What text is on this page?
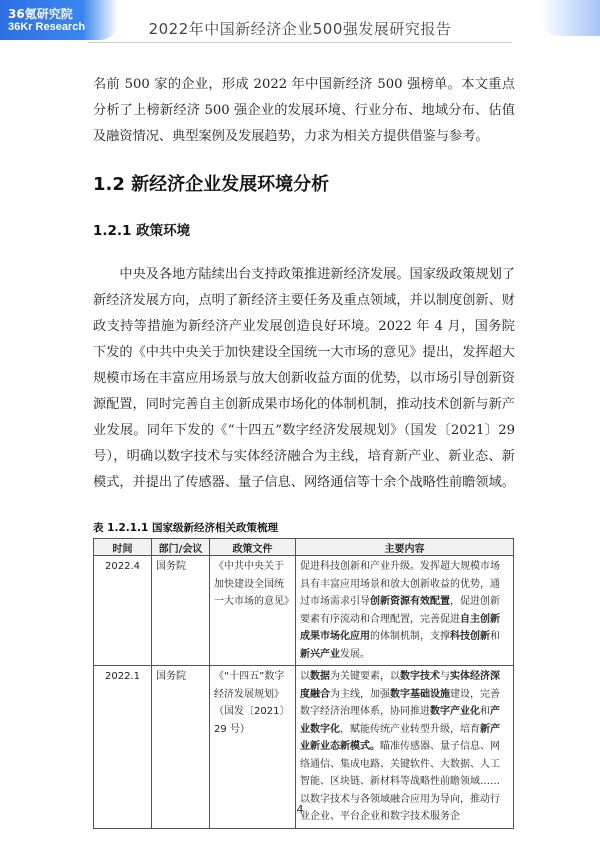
36氪研究院
36Kr Research	2022年中国新经济企业500强发展研究报告
名前 500 家的企业，形成 2022 年中国新经济 500 强榜单。本文重点分析了上榜新经济 500 强企业的发展环境、行业分布、地域分布、估值及融资情况、典型案例及发展趋势，力求为相关方提供借鉴与参考。
1.2 新经济企业发展环境分析
1.2.1 政策环境
中央及各地方陆续出台支持政策推进新经济发展。国家级政策规划了新经济发展方向，点明了新经济主要任务及重点领域，并以制度创新、财政支持等措施为新经济产业发展创造良好环境。2022 年 4 月，国务院下发的《中共中央关于加快建设全国统一大市场的意见》提出，发挥超大规模市场在丰富应用场景与放大创新收益方面的优势，以市场引导创新资源配置，同时完善自主创新成果市场化的体制机制，推动技术创新与新产业发展。同年下发的《“十四五”数字经济发展规划》（国发〔2021〕29 号），明确以数字技术与实体经济融合为主线，培育新产业、新业态、新模式，并提出了传感器、量子信息、网络通信等十余个战略性前瞻领域。
表 1.2.1.1 国家级新经济相关政策梳理
时间	部门/会议	政策文件	主要内容
2022.4	国务院	《中共中央关于加快建设全国统一大市场的意见》	促进科技创新和产业升级。发挥超大规模市场具有丰富应用场景和放大创新收益的优势，通过市场需求引导创新资源有效配置，促进创新要素有序流动和合理配置，完善促进自主创新成果市场化应用的体制机制，支撑科技创新和新兴产业发展。
2022.1	国务院	《“十四五”数字经济发展规划》（国发〔2021〕29 号）	以数据为关键要素，以数字技术与实体经济深度融合为主线，加强数字基础设施建设，完善数字经济治理体系，协同推进数字产业化和产业数字化，赋能传统产业转型升级，培育新产业新业态新模式。瞄准传感器、量子信息、网络通信、集成电路、关键软件、大数据、人工智能、区块链、新材料等战略性前瞻领域……以数字技术与各领域融合应用为导向，推动行业企业、平台企业和数字技术服务企
4
